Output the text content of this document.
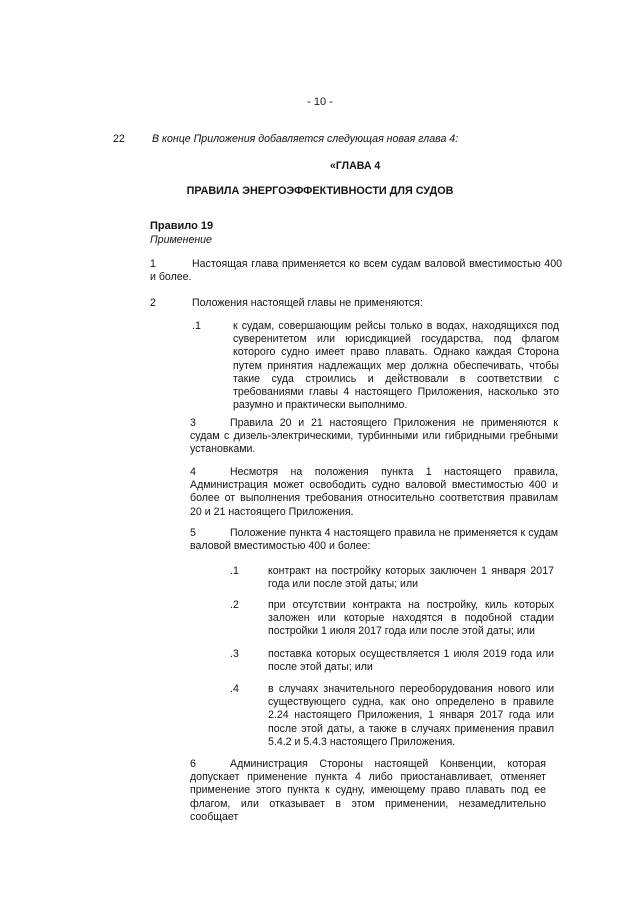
- 10 -
22	В конце Приложения добавляется следующая новая глава 4:
«ГЛАВА 4
ПРАВИЛА ЭНЕРГОЭФФЕКТИВНОСТИ ДЛЯ СУДОВ
Правило 19
Применение
1	Настоящая глава применяется ко всем судам валовой вместимостью 400 и более.
2	Положения настоящей главы не применяются:
.1	к судам, совершающим рейсы только в водах, находящихся под суверенитетом или юрисдикцией государства, под флагом которого судно имеет право плавать. Однако каждая Сторона путем принятия надлежащих мер должна обеспечивать, чтобы такие суда строились и действовали в соответствии с требованиями главы 4 настоящего Приложения, насколько это разумно и практически выполнимо.
3	Правила 20 и 21 настоящего Приложения не применяются к судам с дизель-электрическими, турбинными или гибридными гребными установками.
4	Несмотря на положения пункта 1 настоящего правила, Администрация может освободить судно валовой вместимостью 400 и более от выполнения требования относительно соответствия правилам 20 и 21 настоящего Приложения.
5	Положение пункта 4 настоящего правила не применяется к судам валовой вместимостью 400 и более:
.1	контракт на постройку которых заключен 1 января 2017 года или после этой даты; или
.2	при отсутствии контракта на постройку, киль которых заложен или которые находятся в подобной стадии постройки 1 июля 2017 года или после этой даты; или
.3	поставка которых осуществляется 1 июля 2019 года или после этой даты; или
.4	в случаях значительного переоборудования нового или существующего судна, как оно определено в правиле 2.24 настоящего Приложения, 1 января 2017 года или после этой даты, а также в случаях применения правил 5.4.2 и 5.4.3 настоящего Приложения.
6	Администрация Стороны настоящей Конвенции, которая допускает применение пункта 4 либо приостанавливает, отменяет применение этого пункта к судну, имеющему право плавать под ее флагом, или отказывает в этом применении, незамедлительно сообщает
